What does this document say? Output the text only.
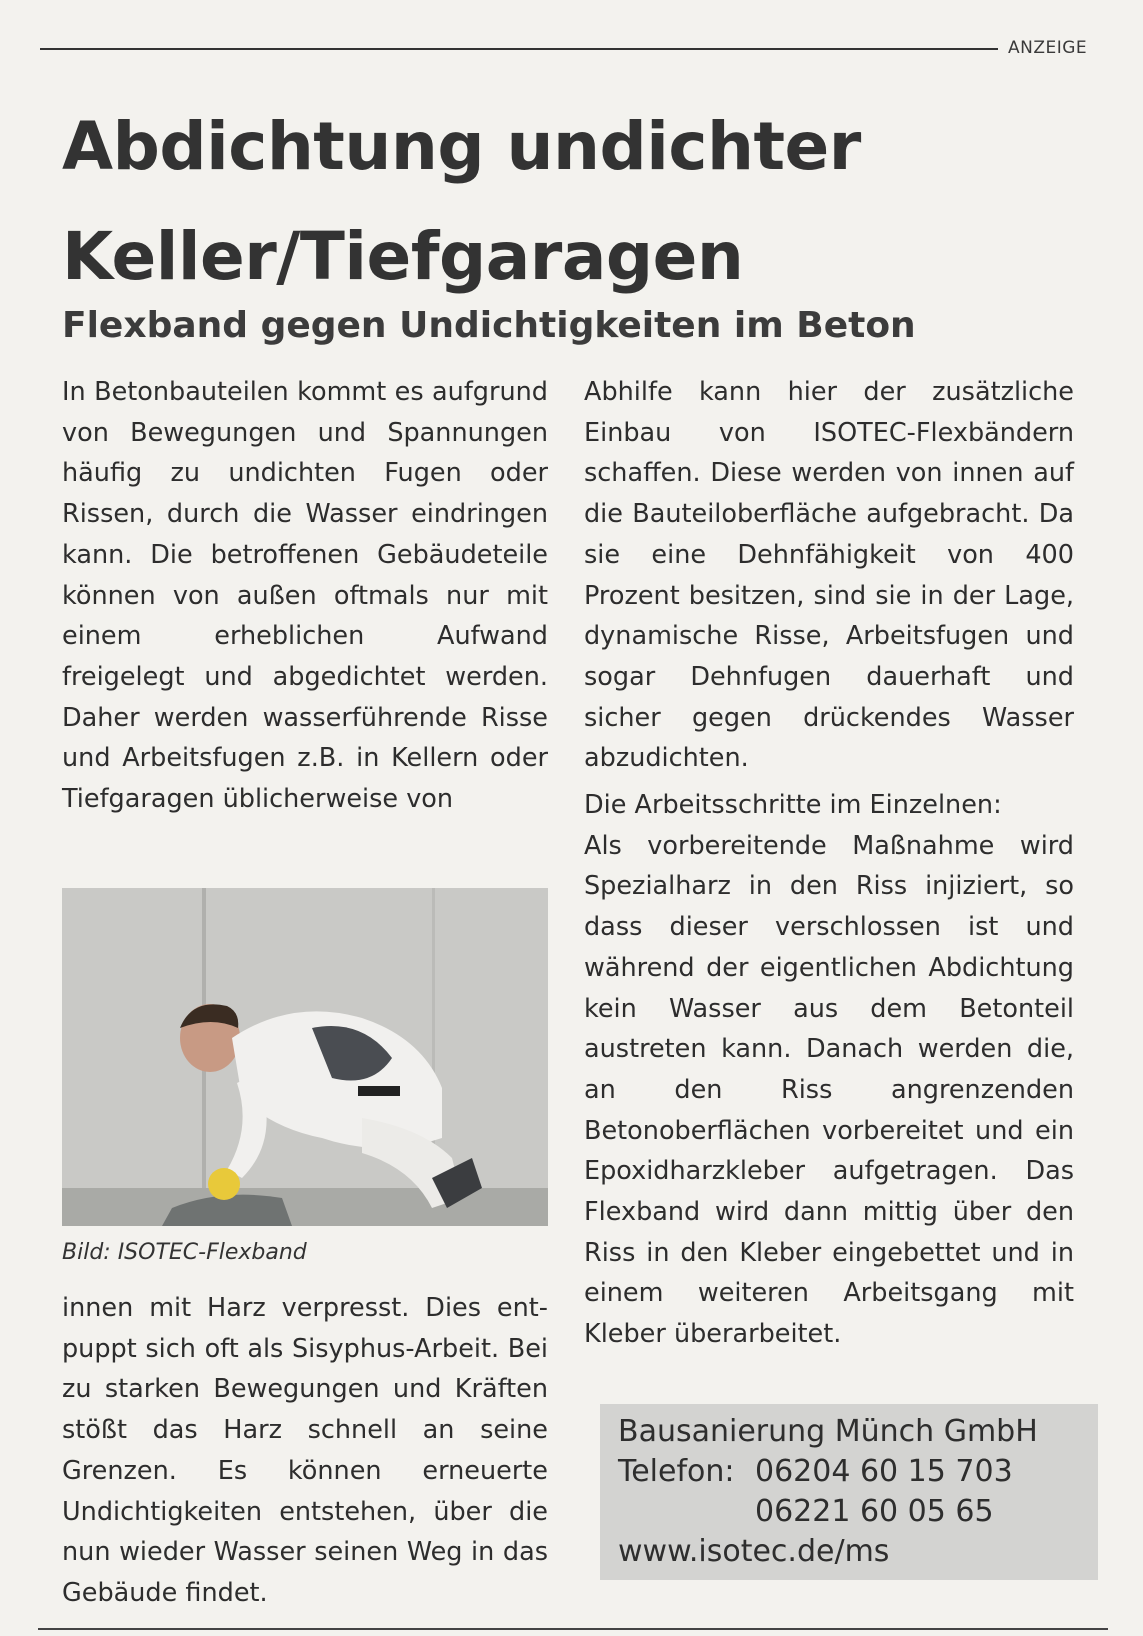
ANZEIGE
Abdichtung undichter
Keller/Tiefgaragen
Flexband gegen Undichtigkeiten im Beton

In Betonbauteilen kommt es aufgrund von Bewegungen und Spannungen häufig zu undichten Fugen oder Rissen, durch die Wasser eindringen kann. Die betroffenen Gebäudeteile können von außen oftmals nur mit einem erheblichen Aufwand freigelegt und abgedichtet werden. Daher werden wasserführende Risse und Arbeitsfugen z.B. in Kellern oder Tiefgaragen üblicherweise von

Bild: ISOTEC-Flexband

innen mit Harz verpresst. Dies entpuppt sich oft als Sisyphus-Arbeit. Bei zu starken Bewegungen und Kräften stößt das Harz schnell an seine Grenzen. Es können erneuerte Undichtigkeiten entstehen, über die nun wieder Wasser seinen Weg in das Gebäude findet.

Abhilfe kann hier der zusätzliche Einbau von ISOTEC-Flexbändern schaffen. Diese werden von innen auf die Bauteiloberfläche aufgebracht. Da sie eine Dehnfähigkeit von 400 Prozent besitzen, sind sie in der Lage, dynamische Risse, Arbeitsfugen und sogar Dehnfugen dauerhaft und sicher gegen drückendes Wasser abzudichten.

Die Arbeitsschritte im Einzelnen:

Als vorbereitende Maßnahme wird Spezialharz in den Riss injiziert, so dass dieser verschlossen ist und während der eigentlichen Abdichtung kein Wasser aus dem Betonteil austreten kann. Danach werden die, an den Riss angrenzenden Betonoberflächen vorbereitet und ein Epoxidharzkleber aufgetragen. Das Flexband wird dann mittig über den Riss in den Kleber eingebettet und in einem weiteren Arbeitsgang mit Kleber überarbeitet.

Bausanierung Münch GmbH
Telefon: 06204 60 15 703
06221 60 05 65
www.isotec.de/ms
